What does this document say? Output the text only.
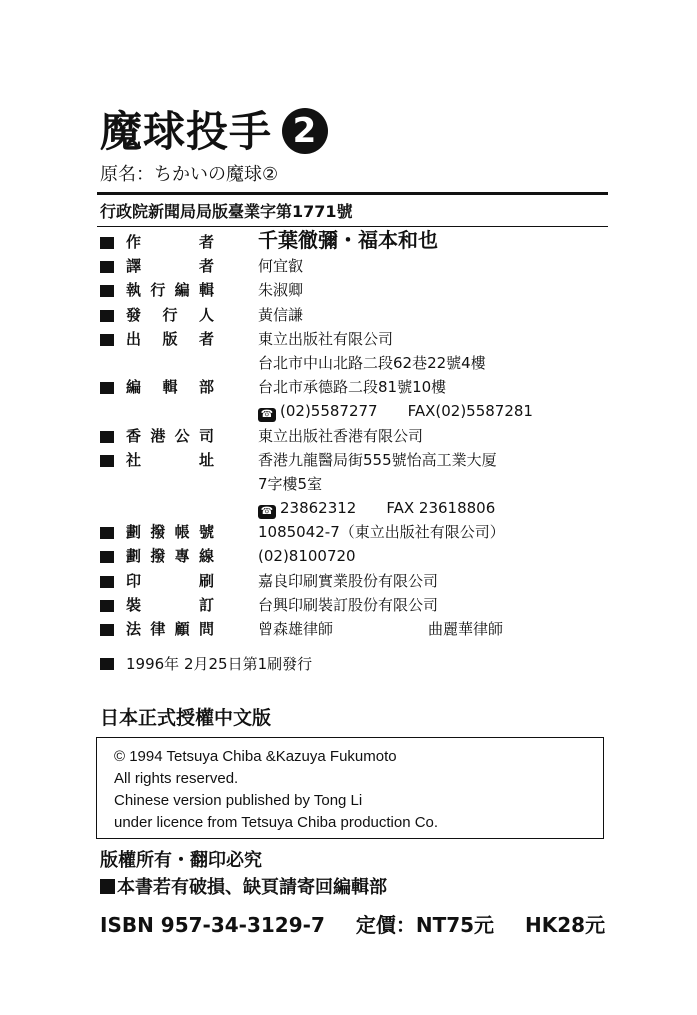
魔球投手 2
原名：ちかいの魔球②
行政院新聞局局版臺業字第1771號
作　者 千葉徹彌・福本和也
譯　者	何宜叡
執行編輯	朱淑卿
發 行 人	黃信謙
出 版 者	東立出版社有限公司
台北市中山北路二段62巷22號4樓
編 輯 部	台北市承德路二段81號10樓
☎ (02)5587277　　FAX(02)5587281
香港公司	東立出版社香港有限公司
社　址	香港九龍醫局街555號怡高工業大厦
7字樓5室
☎ 23862312　　FAX 23618806
劃撥帳號	1085042-7（東立出版社有限公司）
劃撥專線	(02)8100720
印　刷	嘉良印刷實業股份有限公司
裝　訂	台興印刷裝訂股份有限公司
法律顧問	曾森雄律師	曲麗華律師
1996年 2月25日第1刷發行
日本正式授權中文版
© 1994 Tetsuya Chiba &Kazuya Fukumoto
All rights reserved.
Chinese version published by Tong Li
under licence from Tetsuya Chiba production Co.
版權所有・翻印必究
本書若有破損、缺頁請寄回編輯部
ISBN 957-34-3129-7 定價：NT75元 HK28元
